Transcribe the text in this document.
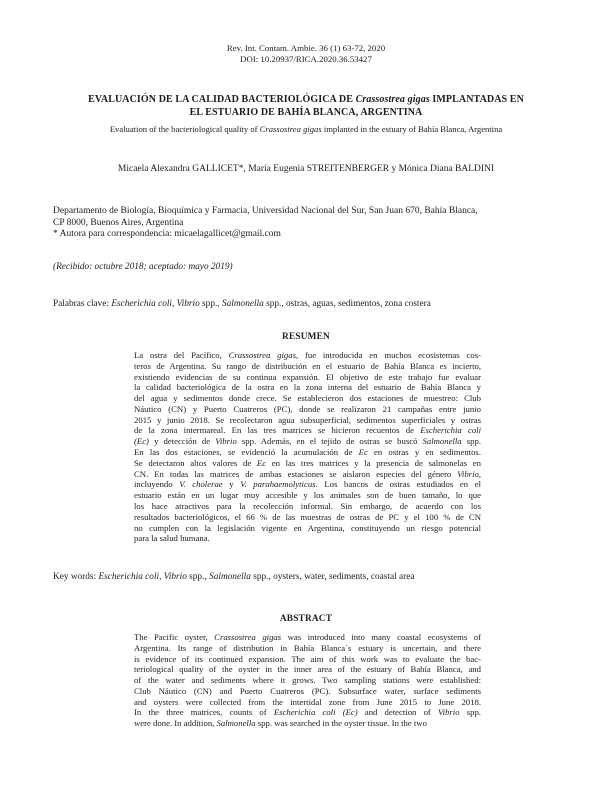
Rev. Int. Contam. Ambie. 36 (1) 63-72, 2020
DOI: 10.20937/RICA.2020.36.53427
EVALUACIÓN DE LA CALIDAD BACTERIOLÓGICA DE Crassostrea gigas IMPLANTADAS EN
EL ESTUARIO DE BAHÍA BLANCA, ARGENTINA
Evaluation of the bacteriological quality of Crassostrea gigas implanted in the estuary of Bahía Blanca, Argentina
Micaela Alexandra GALLICET*, María Eugenia STREITENBERGER y Mónica Diana BALDINI
Departamento de Biología, Bioquímica y Farmacia, Universidad Nacional del Sur, San Juan 670, Bahía Blanca,
CP 8000, Buenos Aires, Argentina
* Autora para correspondencia: micaelagallicet@gmail.com
(Recibido: octubre 2018; aceptado: mayo 2019)
Palabras clave: Escherichia coli, Vibrio spp., Salmonella spp., ostras, aguas, sedimentos, zona costera
RESUMEN
La ostra del Pacífico, Crassostrea gigas, fue introducida en muchos ecosistemas cos-
teros de Argentina. Su rango de distribución en el estuario de Bahía Blanca es incierto,
existiendo evidencias de su continua expansión. El objetivo de este trabajo fue evaluar
la calidad bacteriológica de la ostra en la zona interna del estuario de Bahía Blanca y
del agua y sedimentos donde crece. Se establecieron dos estaciones de muestreo: Club
Náutico (CN) y Puerto Cuatreros (PC), donde se realizaron 21 campañas entre junio
2015 y junio 2018. Se recolectaron agua subsuperficial, sedimentos superficiales y ostras
de la zona intermareal. En las tres matrices se hicieron recuentos de Escherichia coli
(Ec) y detección de Vibrio spp. Además, en el tejido de ostras se buscó Salmonella spp.
En las dos estaciones, se evidenció la acumulación de Ec en ostras y en sedimentos.
Se detectaron altos valores de Ec en las tres matrices y la presencia de salmonelas en
CN. En todas las matrices de ambas estaciones se aislaron especies del género Vibrio,
incluyendo V. cholerae y V. parahaemolyticus. Los bancos de ostras estudiados en el
estuario están en un lugar muy accesible y los animales son de buen tamaño, lo que
los hace atractivos para la recolección informal. Sin embargo, de acuerdo con los
resultados bacteriológicos, el 66 % de las muestras de ostras de PC y el 100 % de CN
no cumplen con la legislación vigente en Argentina, constituyendo un riesgo potencial
para la salud humana.
Key words: Escherichia coli, Vibrio spp., Salmonella spp., oysters, water, sediments, coastal area
ABSTRACT
The Pacific oyster, Crassostrea gigas was introduced into many coastal ecosystems of
Argentina. Its range of distribution in Bahía Blanca´s estuary is uncertain, and there
is evidence of its continued expansion. The aim of this work was to evaluate the bac-
teriological quality of the oyster in the inner area of the estuary of Bahía Blanca, and
of the water and sediments where it grows. Two sampling stations were established:
Club Náutico (CN) and Puerto Cuatreros (PC). Subsurface water, surface sediments
and oysters were collected from the intertidal zone from June 2015 to June 2018.
In the three matrices, counts of Escherichia coli (Ec) and detection of Vibrio spp.
were done. In addition, Salmonella spp. was searched in the oyster tissue. In the two
